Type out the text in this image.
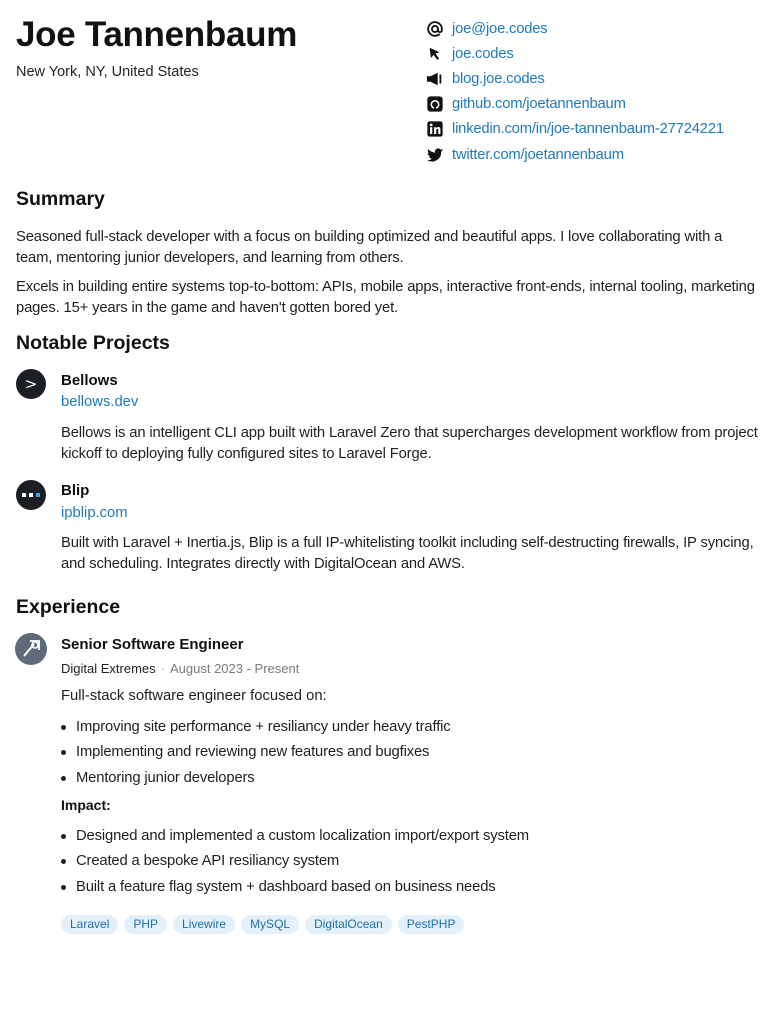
Joe Tannenbaum
New York, NY, United States
joe@joe.codes
joe.codes
blog.joe.codes
github.com/joetannenbaum
linkedin.com/in/joe-tannenbaum-27724221
twitter.com/joetannenbaum
Summary

Seasoned full-stack developer with a focus on building optimized and beautiful apps. I love collaborating with a team, mentoring junior developers, and learning from others.

Excels in building entire systems top-to-bottom: APIs, mobile apps, interactive front-ends, internal tooling, marketing pages. 15+ years in the game and haven't gotten bored yet.

Notable Projects
> Bellows
bellows.dev

Bellows is an intelligent CLI app built with Laravel Zero that supercharges development workflow from project kickoff to deploying fully configured sites to Laravel Forge.

Blip
ipblip.com

Built with Laravel + Inertia.js, Blip is a full IP-whitelisting toolkit including self-destructing firewalls, IP syncing, and scheduling. Integrates directly with DigitalOcean and AWS.

Experience
Senior Software Engineer
Digital Extremes · August 2023 - Present
Full-stack software engineer focused on:
Improving site performance + resiliancy under heavy traffic
Implementing and reviewing new features and bugfixes
Mentoring junior developers
Impact:
Designed and implemented a custom localization import/export system
Created a bespoke API resiliancy system
Built a feature flag system + dashboard based on business needs
Laravel	PHP	Livewire	MySQL	DigitalOcean	PestPHP
